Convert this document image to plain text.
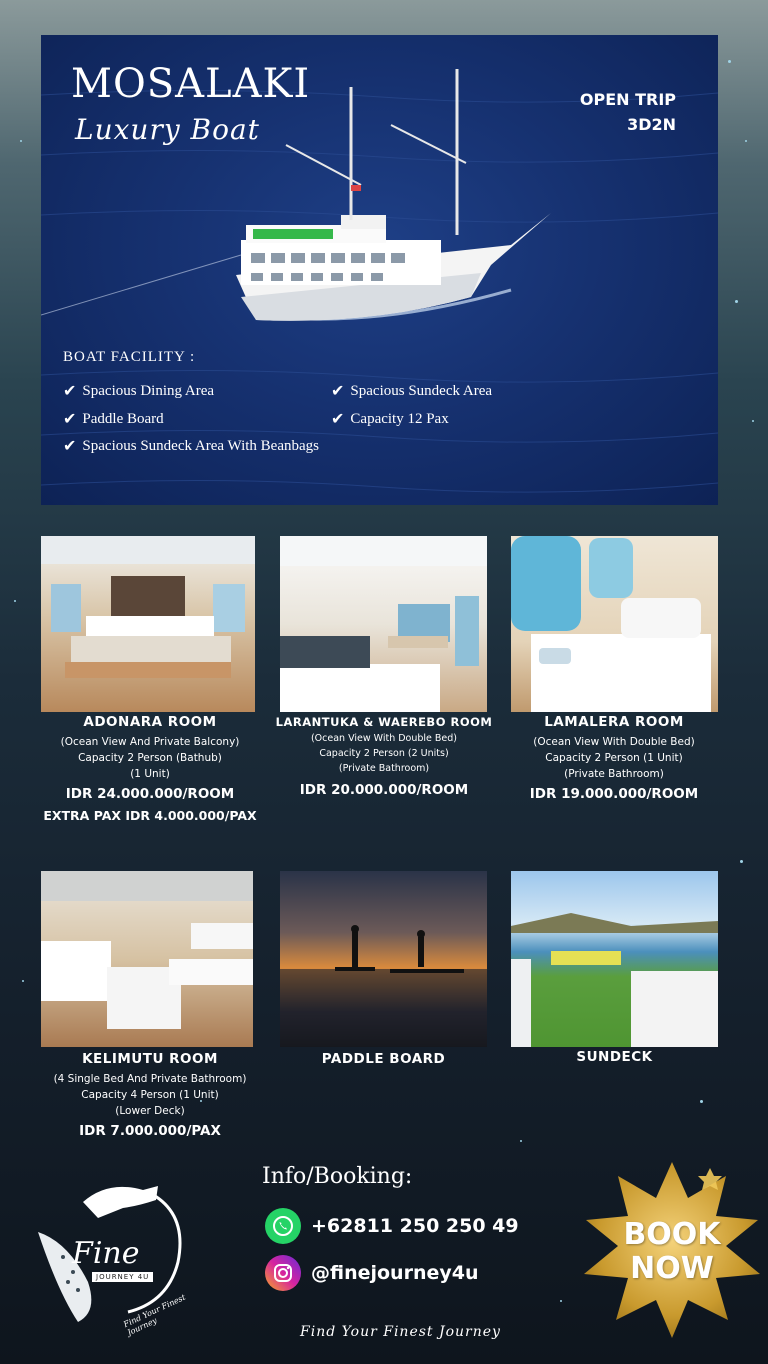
MOSALAKI
Luxury Boat
OPEN TRIP
3D2N
BOAT FACILITY :
✔ Spacious Dining Area
✔ Paddle Board
✔ Spacious Sundeck Area With Beanbags
✔ Spacious Sundeck Area
✔ Capacity 12 Pax
ADONARA ROOM
(Ocean View And Private Balcony)
Capacity 2 Person (Bathub)
(1 Unit)
IDR 24.000.000/ROOM
EXTRA PAX IDR 4.000.000/PAX
LARANTUKA & WAEREBO ROOM
(Ocean View With Double Bed)
Capacity 2 Person (2 Units)
(Private Bathroom)
IDR 20.000.000/ROOM
LAMALERA ROOM
(Ocean View With Double Bed)
Capacity 2 Person (1 Unit)
(Private Bathroom)
IDR 19.000.000/ROOM
KELIMUTU ROOM
(4 Single Bed And Private Bathroom)
Capacity 4 Person (1 Unit)
(Lower Deck)
IDR 7.000.000/PAX
PADDLE BOARD	SUNDECK
Fine
JOURNEY 4U
Find Your Finest Journey
Info/Booking:
+62811 250 250 49
@finejourney4u
BOOK
NOW
Find Your Finest Journey
